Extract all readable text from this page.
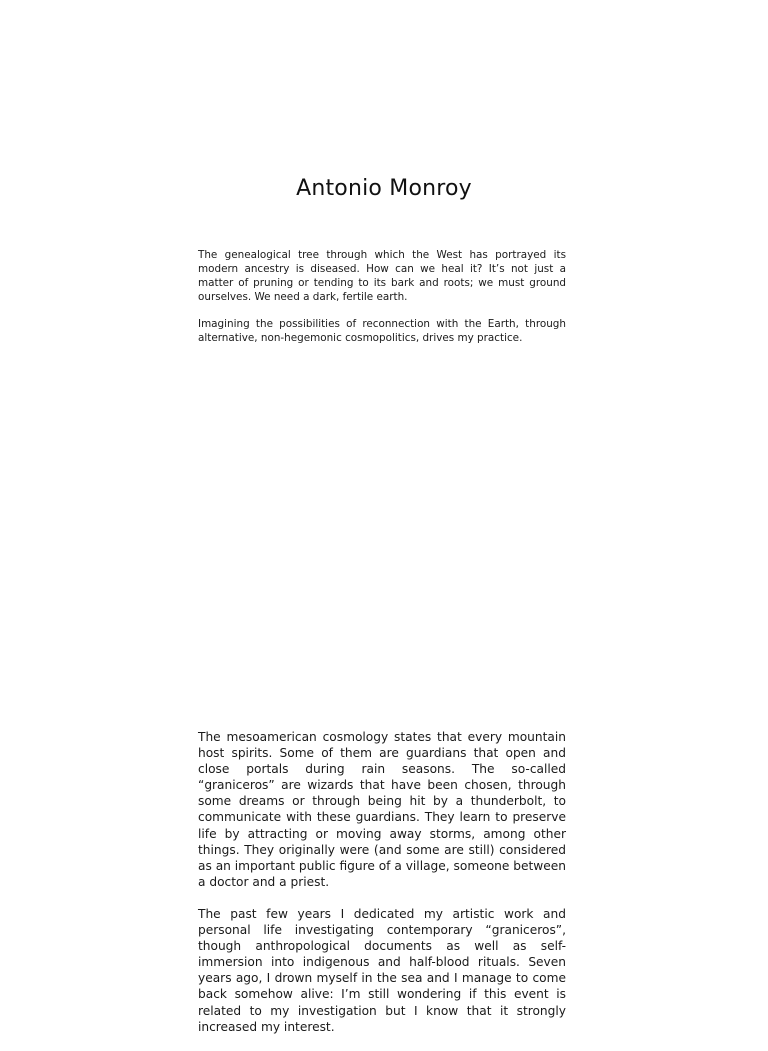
Antonio Monroy

The genealogical tree through which the West has portrayed its modern ancestry is diseased. How can we heal it? It’s not just a matter of pruning or tending to its bark and roots; we must ground ourselves. We need a dark, fertile earth.

Imagining the possibilities of reconnection with the Earth, through alternative, non-hegemonic cosmopolitics, drives my practice.

The mesoamerican cosmology states that every mountain host spirits. Some of them are guardians that open and close portals during rain seasons. The so-called “graniceros” are wizards that have been chosen, through some dreams or through being hit by a thunderbolt, to communicate with these guardians. They learn to preserve life by attracting or moving away storms, among other things. They originally were (and some are still) considered as an important public figure of a village, someone between a doctor and a priest.

The past few years I dedicated my artistic work and personal life investigating contemporary “graniceros”, though anthropological documents as well as self-immersion into indigenous and half-blood rituals. Seven years ago, I drown myself in the sea and I manage to come back somehow alive: I’m still wondering if this event is related to my investigation but I know that it strongly increased my interest.
